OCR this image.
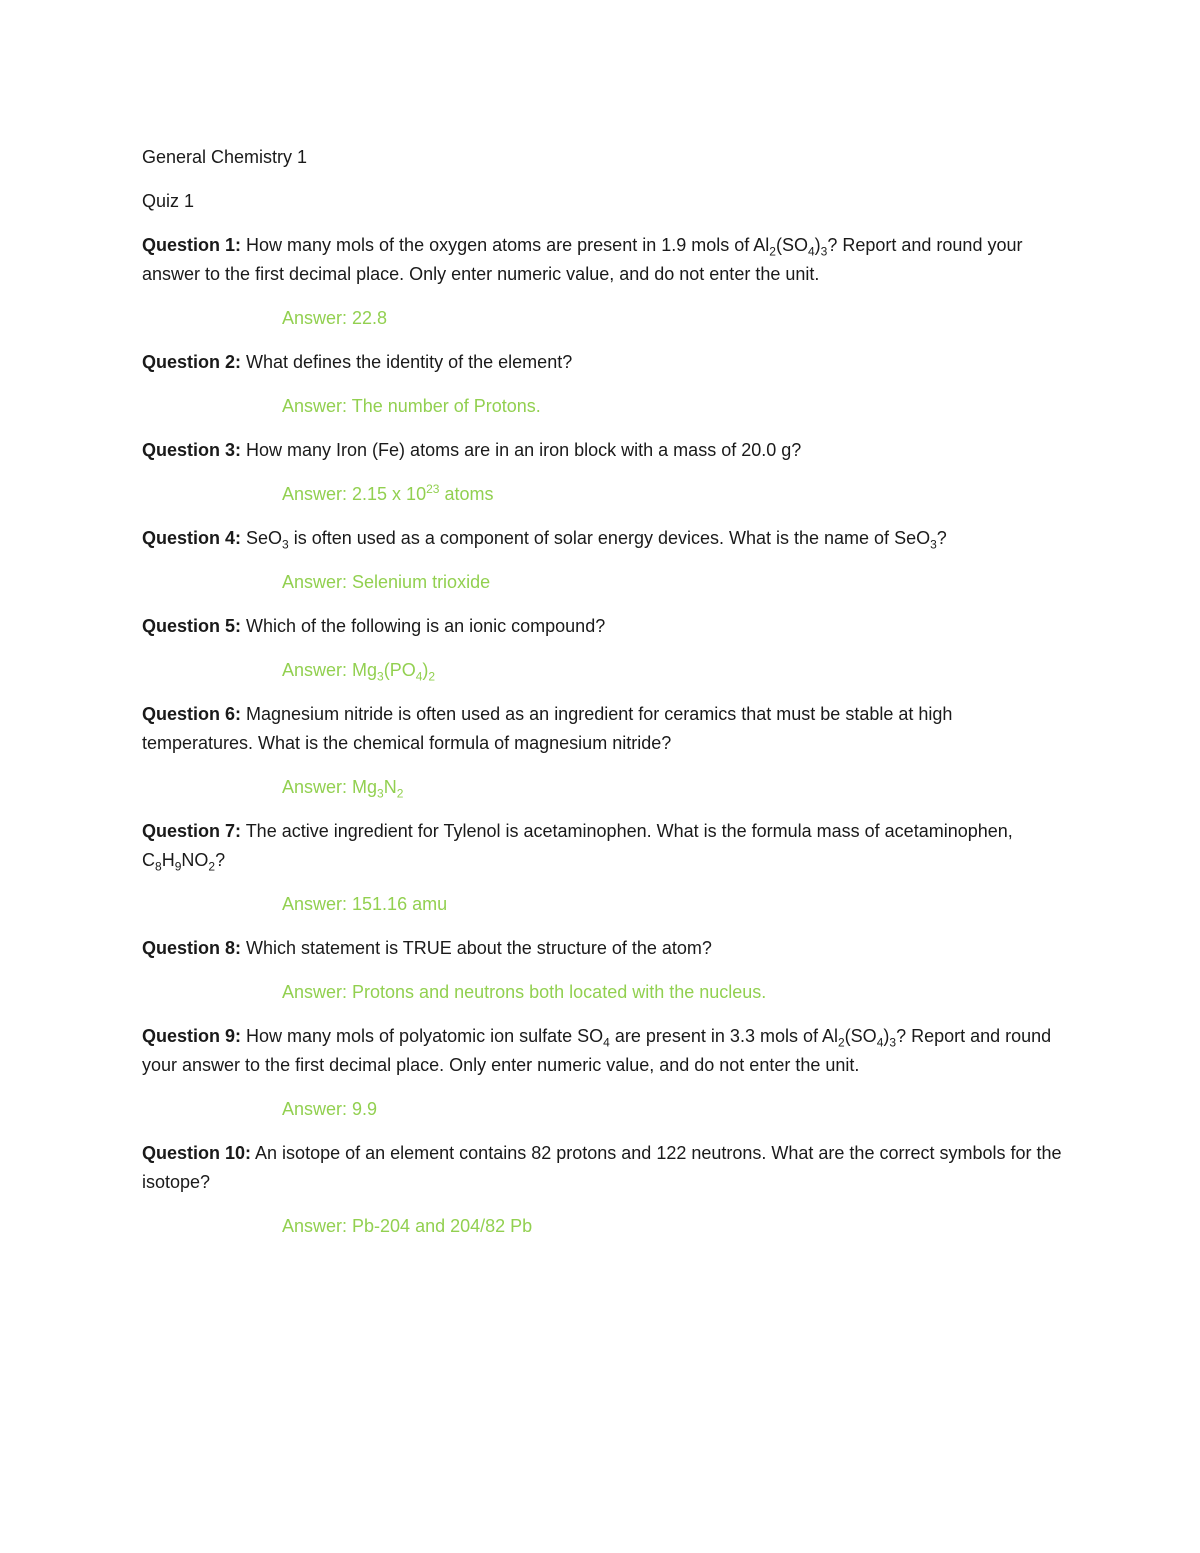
General Chemistry 1

Quiz 1

Question 1: How many mols of the oxygen atoms are present in 1.9 mols of $Al_2(SO_4)_3$? Report and round your answer to the first decimal place. Only enter numeric value, and do not enter the unit.

Answer: 22.8

Question 2: What defines the identity of the element?

Answer: The number of Protons.

Question 3: How many Iron (Fe) atoms are in an iron block with a mass of 20.0 g?

Answer: 2.15 x $10^{23}$ atoms

Question 4: SeO$_3$ is often used as a component of solar energy devices. What is the name of SeO$_3$?

Answer: Selenium trioxide

Question 5: Which of the following is an ionic compound?

Answer: $Mg_3(PO_4)_2$

Question 6: Magnesium nitride is often used as an ingredient for ceramics that must be stable at high temperatures. What is the chemical formula of magnesium nitride?

Answer: $Mg_3N_2$

Question 7: The active ingredient for Tylenol is acetaminophen. What is the formula mass of acetaminophen, $C_8H_9NO_2$?

Answer: 151.16 amu

Question 8: Which statement is TRUE about the structure of the atom?

Answer: Protons and neutrons both located with the nucleus.

Question 9: How many mols of polyatomic ion sulfate $SO_4$ are present in 3.3 mols of $Al_2(SO_4)_3$? Report and round your answer to the first decimal place. Only enter numeric value, and do not enter the unit.

Answer: 9.9

Question 10: An isotope of an element contains 82 protons and 122 neutrons. What are the correct symbols for the isotope?

Answer: Pb-204 and 204/82 Pb
